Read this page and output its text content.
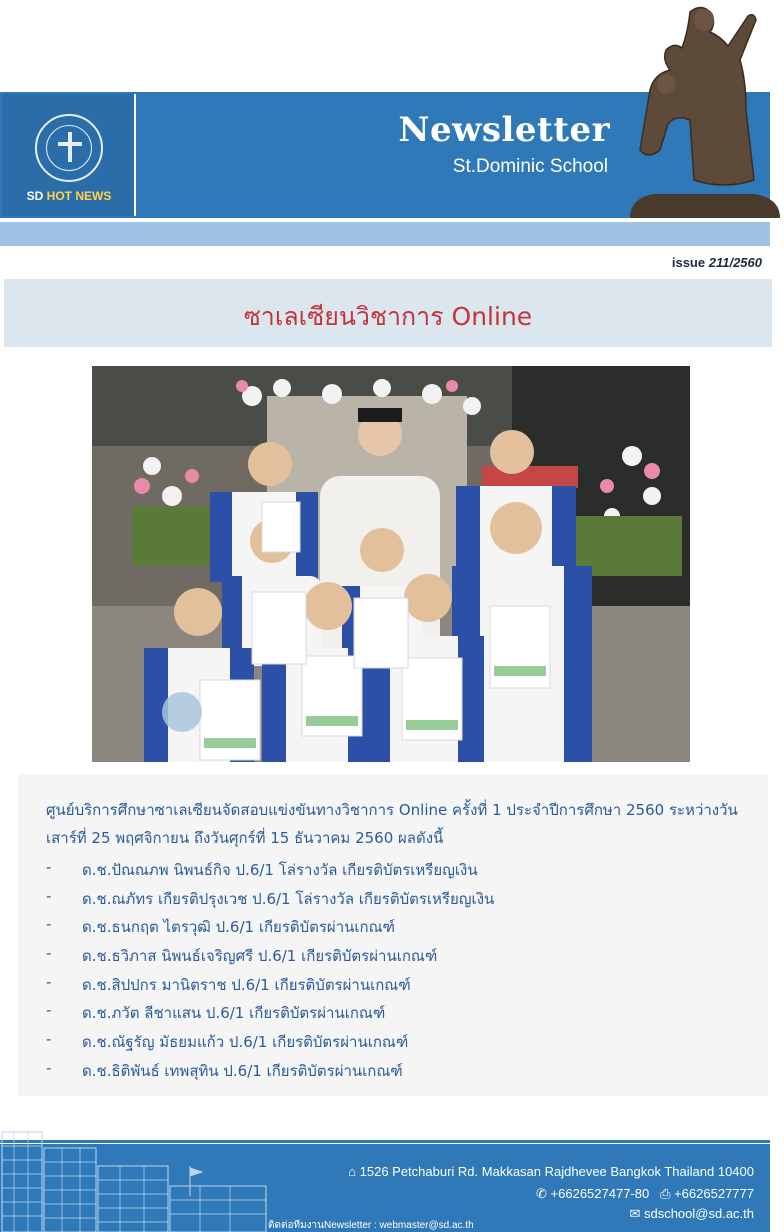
SD HOT NEWS
Newsletter
St.Dominic School
issue 211/2560
ซาเลเซียนวิชาการ Online

ศูนย์บริการศึกษาซาเลเซียนจัดสอบแข่งขันทางวิชาการ Online ครั้งที่ 1 ประจำปีการศึกษา 2560 ระหว่างวันเสาร์ที่ 25 พฤศจิกายน ถึงวันศุกร์ที่ 15 ธันวาคม 2560 ผลดังนี้

- ด.ช.ปัณณภพ นิพนธ์กิจ ป.6/1 โล่รางวัล เกียรติบัตรเหรียญเงิน
- ด.ช.ณภัทร เกียรติปรุงเวช ป.6/1 โล่รางวัล เกียรติบัตรเหรียญเงิน
- ด.ช.ธนกฤต ไตรวุฒิ ป.6/1 เกียรติบัตรผ่านเกณฑ์
- ด.ช.ธวิภาส นิพนธ์เจริญศรี ป.6/1 เกียรติบัตรผ่านเกณฑ์
- ด.ช.สิปปกร มานิตราช ป.6/1 เกียรติบัตรผ่านเกณฑ์
- ด.ช.ภวัต ลีชาแสน ป.6/1 เกียรติบัตรผ่านเกณฑ์
- ด.ช.ณัฐรัญ มัธยมแก้ว ป.6/1 เกียรติบัตรผ่านเกณฑ์
- ด.ช.ธิติพันธ์ เทพสุทิน ป.6/1 เกียรติบัตรผ่านเกณฑ์
⌂ 1526 Petchaburi Rd. Makkasan Rajdhevee Bangkok Thailand 10400
✆ +6626527477-80 ⎙ +6626527777
✉ sdschool@sd.ac.th
ติดต่อทีมงานNewsletter : webmaster@sd.ac.th
